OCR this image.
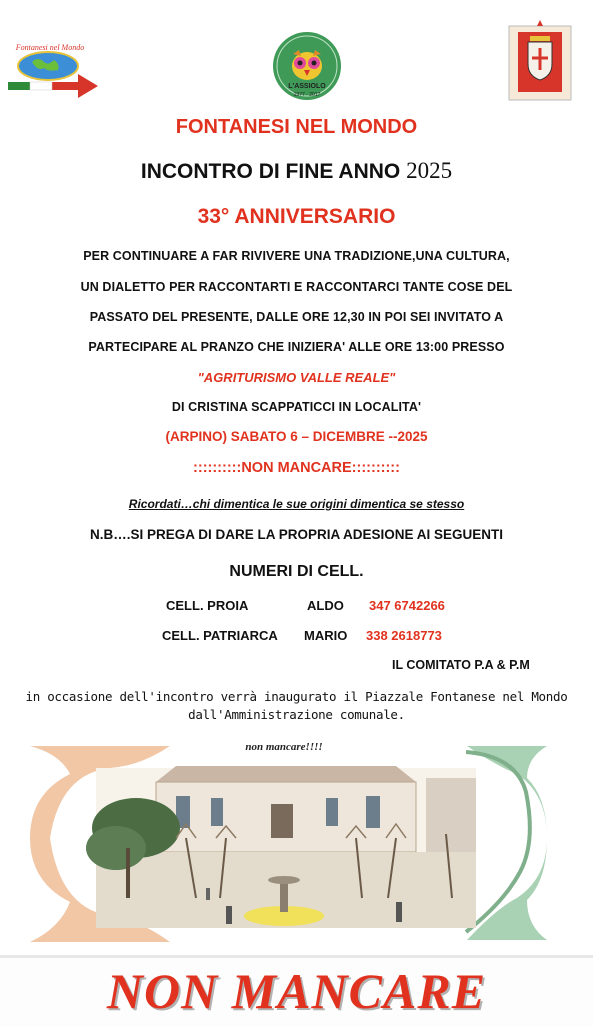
Fontanesi nel Mondo
L'ASSIOLO
1977 · 2017
FONTANESI NEL MONDO
INCONTRO DI FINE ANNO 2025
33° ANNIVERSARIO
PER CONTINUARE A FAR RIVIVERE UNA TRADIZIONE,UNA CULTURA,
UN DIALETTO PER RACCONTARTI E RACCONTARCI TANTE COSE DEL
PASSATO DEL PRESENTE, DALLE ORE 12,30 IN POI SEI INVITATO A
PARTECIPARE AL PRANZO CHE INIZIERA' ALLE ORE 13:00 PRESSO
"AGRITURISMO VALLE REALE"
DI CRISTINA SCAPPATICCI IN LOCALITA'
(ARPINO) SABATO 6 – DICEMBRE --2025
::::::::::NON MANCARE::::::::::
Ricordati…chi dimentica le sue origini dimentica se stesso
N.B….SI PREGA DI DARE LA PROPRIA ADESIONE AI SEGUENTI
NUMERI DI CELL.
CELL. PROIA	ALDO 347 6742266
CELL. PATRIARCA MARIO 338 2618773
IL COMITATO P.A & P.M
in occasione dell'incontro verrà inaugurato il Piazzale Fontanese nel Mondo
dall'Amministrazione comunale.
non mancare!!!!
NON MANCARE
